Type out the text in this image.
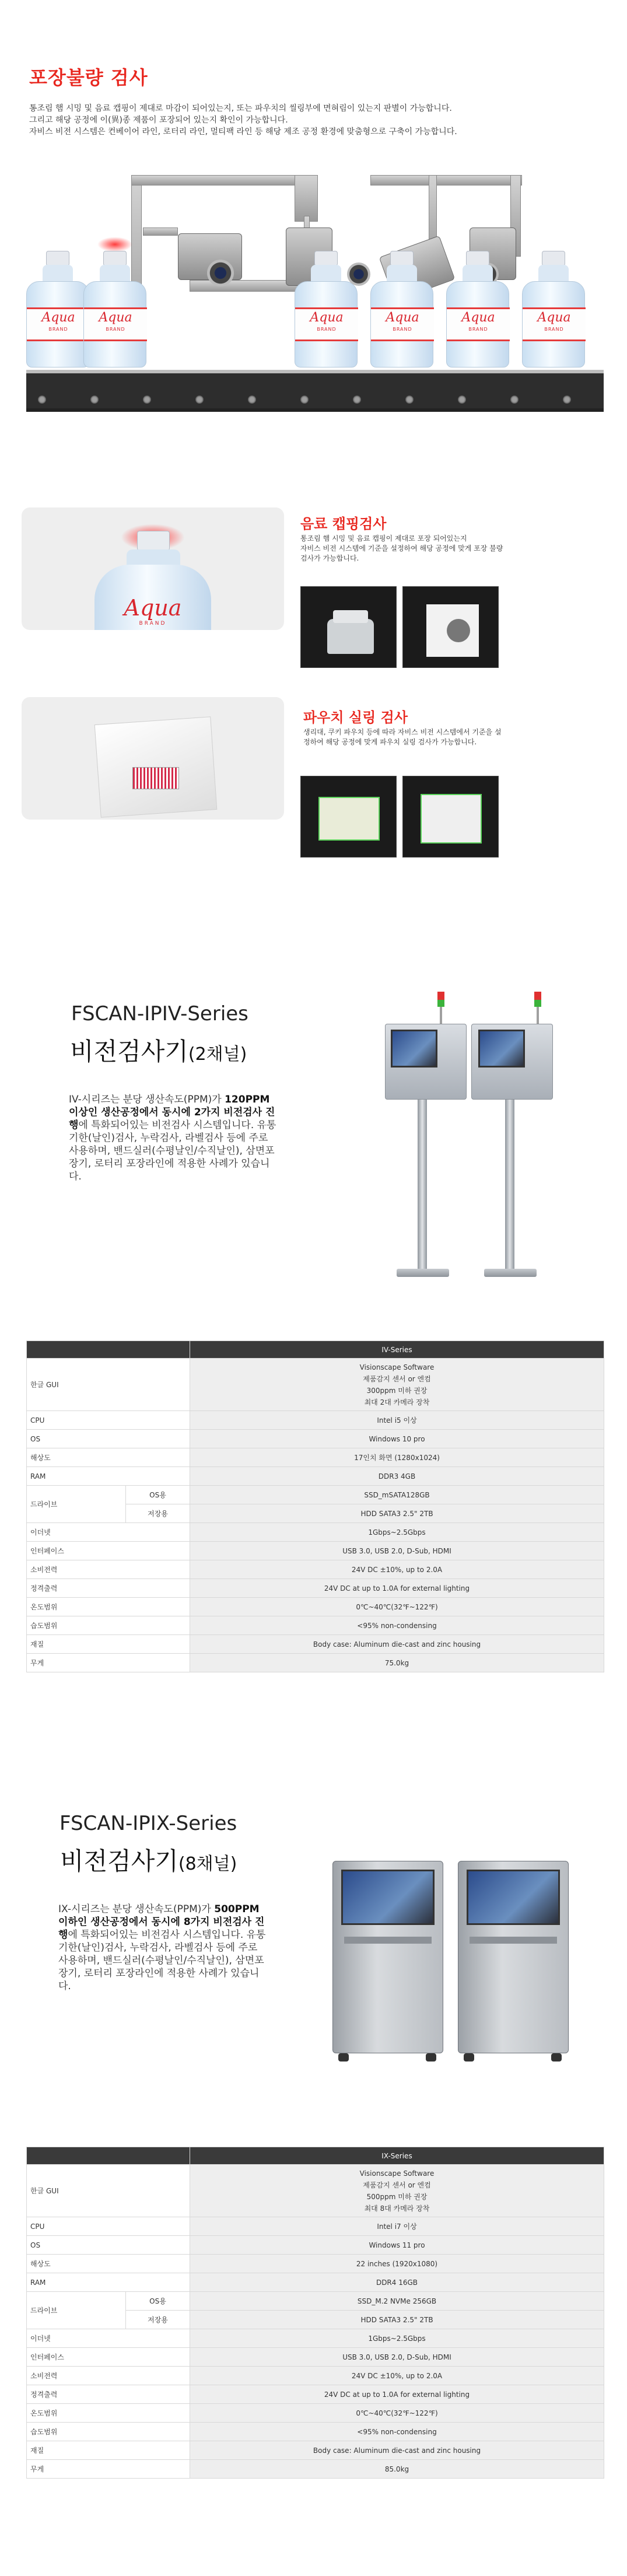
포장불량 검사
통조림 햄 시밍 및 음료 캡핑이 제대로 마감이 되어있는지, 또는 파우치의 씰링부에 면혀림이 있는지 판별이 가능합니다.
그리고 해당 공정에 이(異)종 제품이 포장되어 있는지 확인이 가능합니다.
자비스 비전 시스템은 컨베이어 라인, 로터리 라인, 멀티팩 라인 등 해당 제조 공정 환경에 맞춤형으로 구축이 가능합니다.
Aqua
BRAND
Aqua
BRAND
Aqua
BRAND
Aqua
BRAND
Aqua
BRAND
Aqua
BRAND
Aqua
BRAND
음료 캡핑검사
통조림 햄 시밍 및 음료 캡핑이 제대로 포장 되어있는지
자비스 비전 시스템에 기준을 설정하여 해당 공정에 맞게 포장 불량
검사가 가능합니다.
파우치 실링 검사
생리대, 쿠키 파우치 등에 따라 자비스 비전 시스템에서 기준을 설
정하여 해당 공정에 맞게 파우치 실링 검사가 가능합니다.
FSCAN-IPIV-Series
비전검사기(2채널)
IV-시리즈는 분당 생산속도(PPM)가 120PPM 이상인 생산공정에서 동시에 2가지 비전검사 진행에 특화되어있는 비전검사 시스템입니다. 유통기한(날인)검사, 누락검사, 라벨검사 등에 주로 사용하며, 밴드실러(수평날인/수직날인), 삼면포장기, 로터리 포장라인에 적용한 사례가 있습니다.
		IV-Series
한글 GUI		Visionscape Software
제품감지 센서 or 엔컴
300ppm 미하 권장
최대 2대 카메라 장착

CPU		Intel i5 이상

OS		Windows 10 pro

해상도		17인치 화면 (1280x1024)

RAM		DDR3 4GB

드라이브	OS용	SSD_mSATA128GB

	저장용	HDD SATA3 2.5" 2TB

이더넷		1Gbps~2.5Gbps

인터페이스		USB 3.0, USB 2.0, D-Sub, HDMI

소비전력		24V DC ±10%, up to 2.0A

정격출력		24V DC at up to 1.0A for external lighting

온도범위		0℃~40℃(32℉~122℉)

습도범위		<95% non-condensing

재질		Body case: Aluminum die-cast and zinc housing

무게		75.0kg
FSCAN-IPIX-Series
비전검사기(8채널)
IX-시리즈는 분당 생산속도(PPM)가 500PPM 이하인 생산공정에서 동시에 8가지 비전검사 진행에 특화되어있는 비전검사 시스템입니다. 유통기한(날인)검사, 누락검사, 라벨검사 등에 주로 사용하며, 밴드실러(수평날인/수직날인), 삼면포장기, 로터리 포장라인에 적용한 사례가 있습니다.
		IX-Series
한글 GUI		Visionscape Software
제품감지 센서 or 엔컴
500ppm 미하 권장
최대 8대 카메라 장착

CPU		Intel i7 이상

OS		Windows 11 pro

해상도		22 inches (1920x1080)

RAM		DDR4 16GB

드라이브	OS용	SSD_M.2 NVMe 256GB

	저장용	HDD SATA3 2.5" 2TB

이더넷		1Gbps~2.5Gbps

인터페이스		USB 3.0, USB 2.0, D-Sub, HDMI

소비전력		24V DC ±10%, up to 2.0A

정격출력		24V DC at up to 1.0A for external lighting

온도범위		0℃~40℃(32℉~122℉)

습도범위		<95% non-condensing

재질		Body case: Aluminum die-cast and zinc housing

무게		85.0kg
